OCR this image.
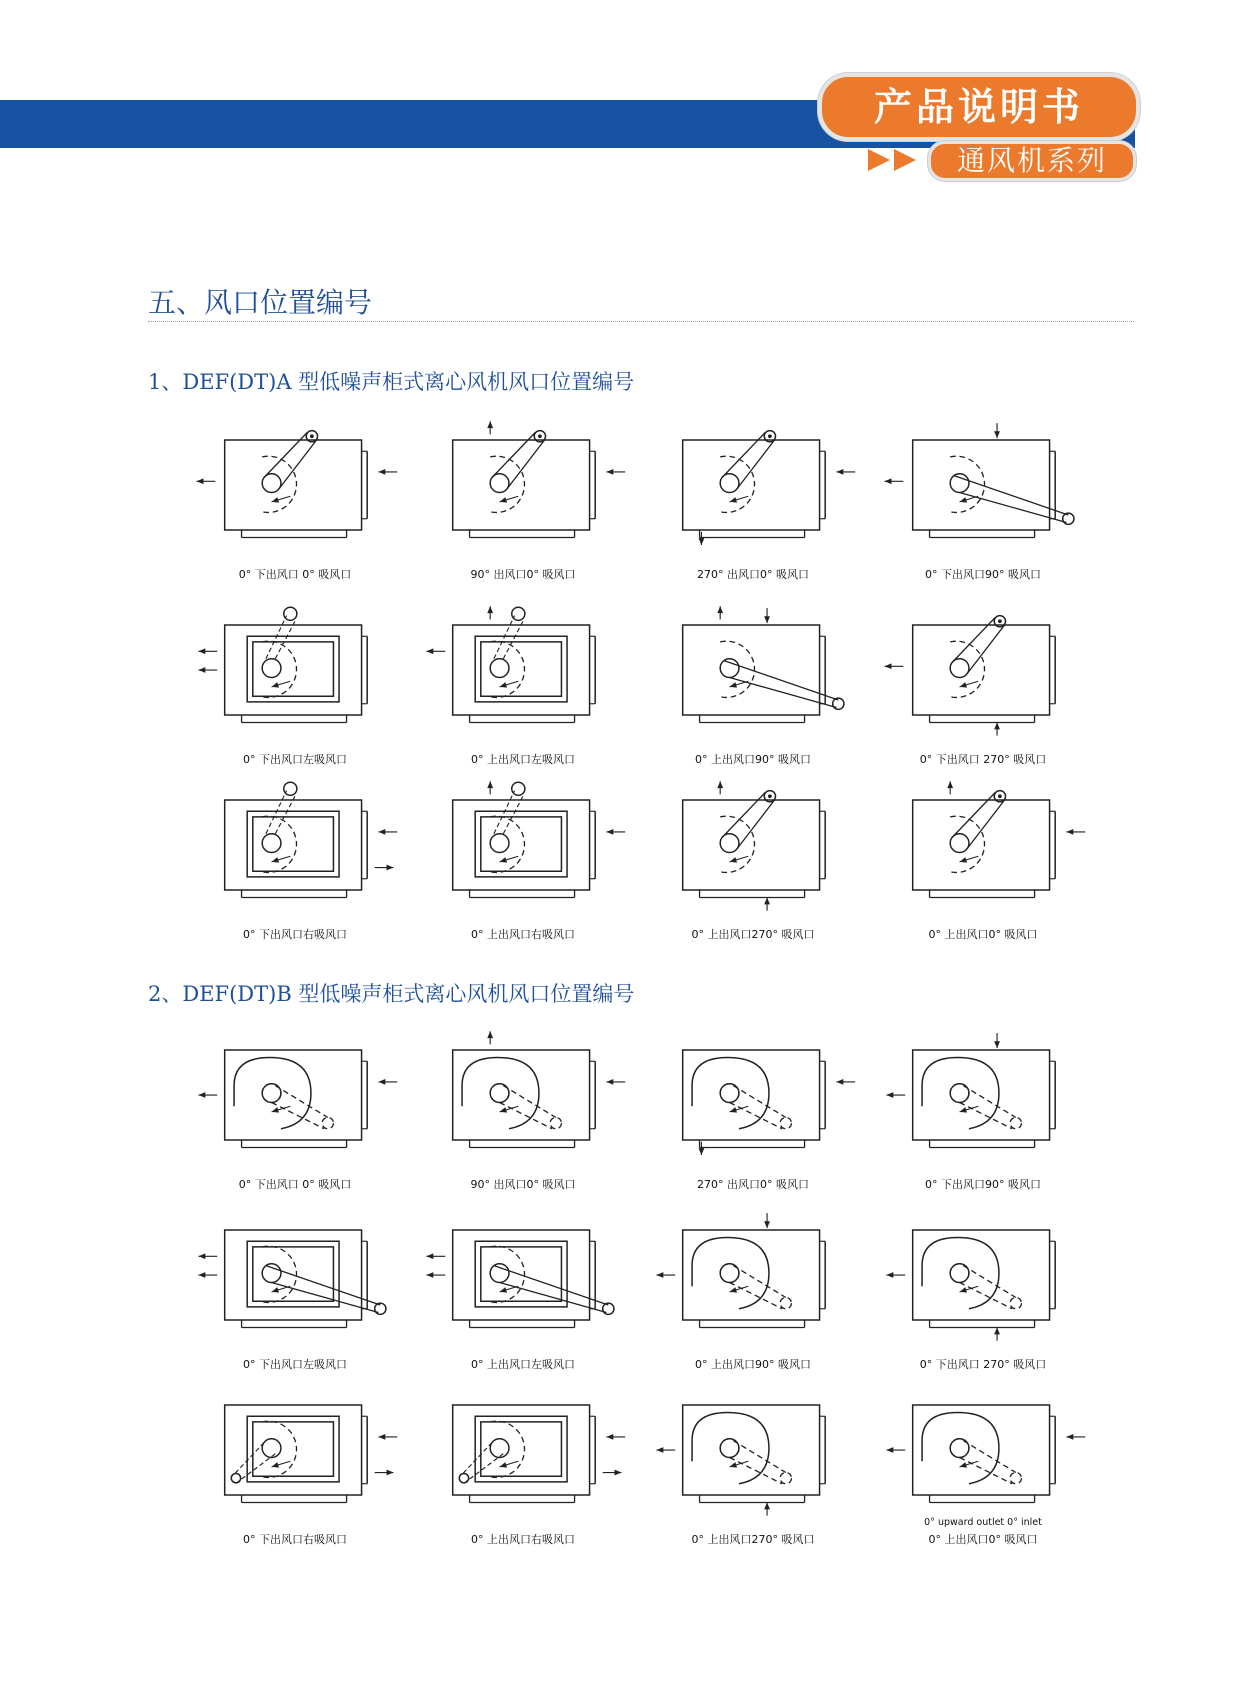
产品说明书
通风机系列
五、风口位置编号
1、DEF(DT)A 型低噪声柜式离心风机风口位置编号
2、DEF(DT)B 型低噪声柜式离心风机风口位置编号
0° 下出风口 0° 吸风口	90° 出风口0° 吸风口	270° 出风口0° 吸风口	0° 下出风口90° 吸风口
0° 下出风口左吸风口	0° 上出风口左吸风口	0° 上出风口90° 吸风口	0° 下出风口 270° 吸风口
0° 下出风口右吸风口	0° 上出风口右吸风口	0° 上出风口270° 吸风口	0° 上出风口0° 吸风口
0° 下出风口 0° 吸风口	90° 出风口0° 吸风口	270° 出风口0° 吸风口	0° 下出风口90° 吸风口
0° 下出风口左吸风口	0° 上出风口左吸风口	0° 上出风口90° 吸风口	0° 下出风口 270° 吸风口
0° 下出风口右吸风口	0° 上出风口右吸风口	0° 上出风口270° 吸风口	0° 上出风口0° 吸风口
0° upward outlet 0° inlet
